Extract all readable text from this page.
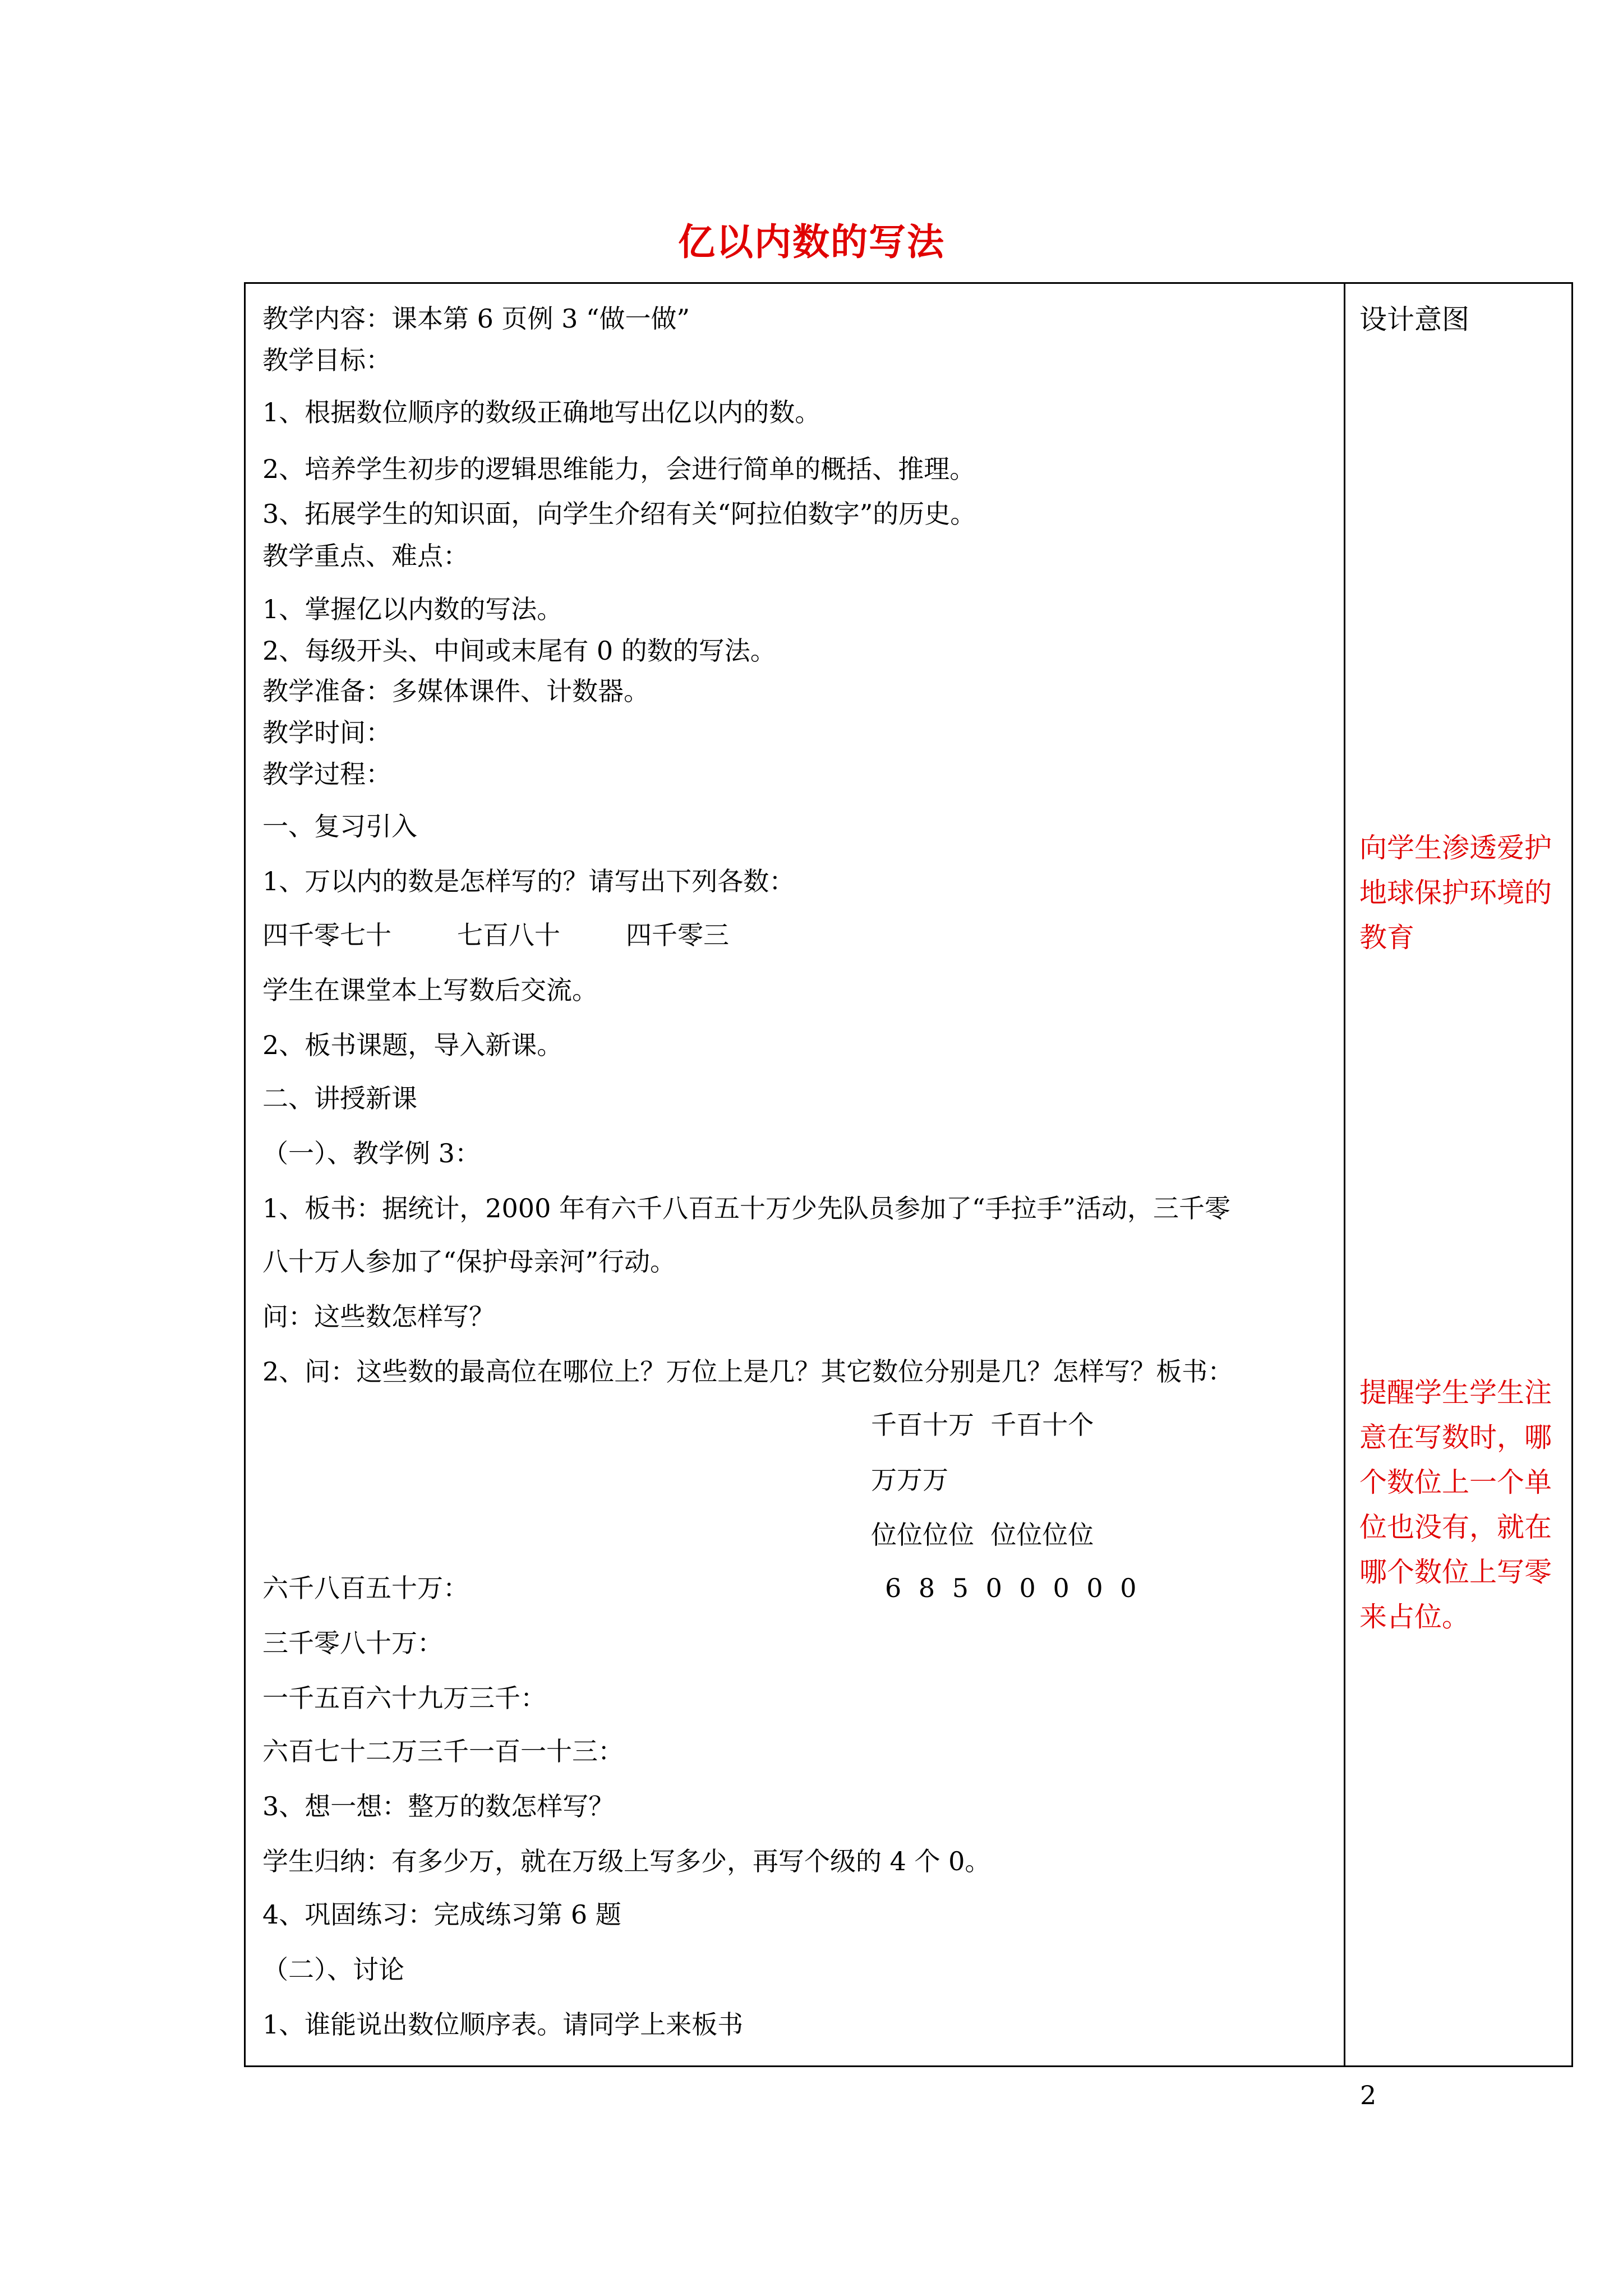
亿以内数的写法
教学内容：课本第 6 页例 3 “做一做”
教学目标：
1、根据数位顺序的数级正确地写出亿以内的数。
2、培养学生初步的逻辑思维能力，会进行简单的概括、推理。
3、拓展学生的知识面，向学生介绍有关“阿拉伯数字”的历史。
教学重点、难点：
1、掌握亿以内数的写法。
2、每级开头、中间或末尾有 0 的数的写法。
教学准备：多媒体课件、计数器。
教学时间：
教学过程：
一、复习引入
1、万以内的数是怎样写的？请写出下列各数：
四千零七十        七百八十        四千零三
学生在课堂本上写数后交流。
2、板书课题，导入新课。
二、讲授新课
（一）、教学例 3：
1、板书：据统计，2000 年有六千八百五十万少先队员参加了“手拉手”活动，三千零
八十万人参加了“保护母亲河”行动。
问：这些数怎样写？
2、问：这些数的最高位在哪位上？万位上是几？其它数位分别是几？怎样写？板书：
千百十万  千百十个
万万万
位位位位  位位位位
六千八百五十万：	6 8 5 0 0 0 0 0
三千零八十万：
一千五百六十九万三千：
六百七十二万三千一百一十三：
3、想一想：整万的数怎样写？
学生归纳：有多少万，就在万级上写多少，再写个级的 4 个 0。
4、巩固练习：完成练习第 6 题
（二）、讨论
1、谁能说出数位顺序表。请同学上来板书
设计意图
向学生渗透爱护
地球保护环境的
教育
提醒学生学生注
意在写数时，哪
个数位上一个单
位也没有，就在
哪个数位上写零
来占位。
2
